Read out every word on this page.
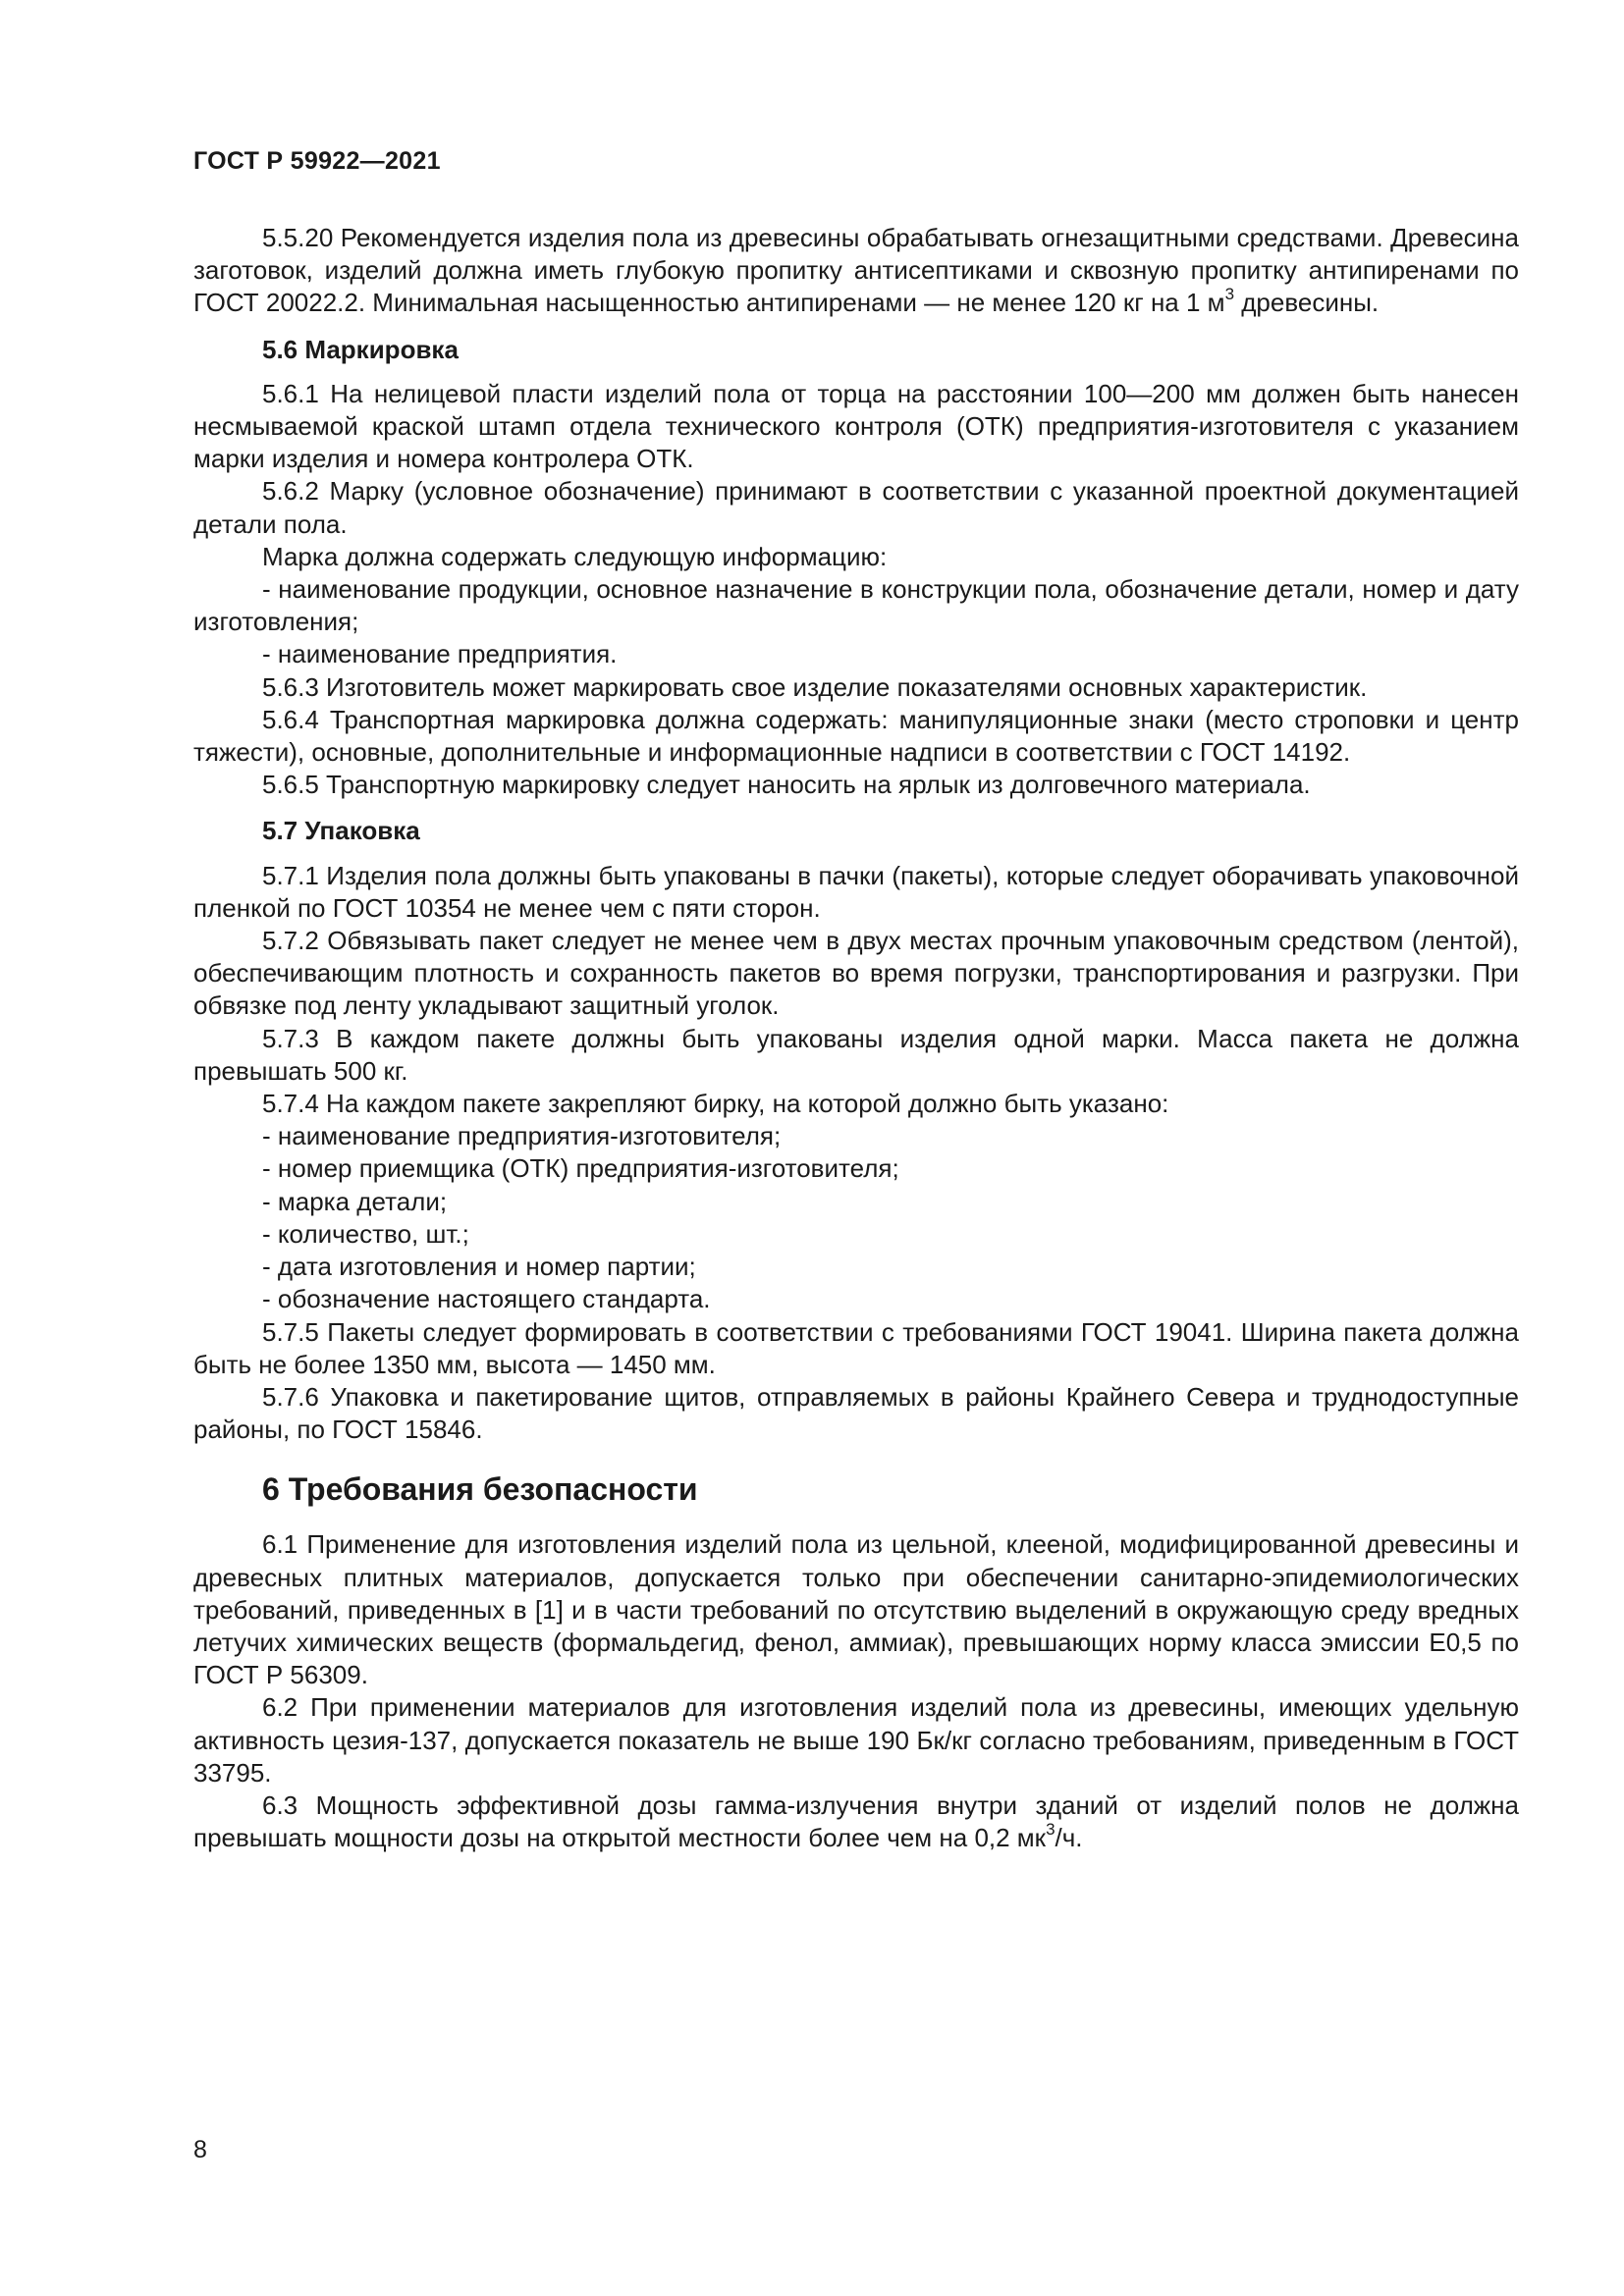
ГОСТ Р 59922—2021

5.5.20 Рекомендуется изделия пола из древесины обрабатывать огнезащитными средствами. Древесина заготовок, изделий должна иметь глубокую пропитку антисептиками и сквозную пропитку антипиренами по ГОСТ 20022.2. Минимальная насыщенностью антипиренами — не менее 120 кг на 1 $м^3$ древесины.

5.6 Маркировка

5.6.1 На нелицевой пласти изделий пола от торца на расстоянии 100—200 мм должен быть нанесен несмываемой краской штамп отдела технического контроля (ОТК) предприятия-изготовителя с указанием марки изделия и номера контролера ОТК.

5.6.2 Марку (условное обозначение) принимают в соответствии с указанной проектной документацией детали пола.

Марка должна содержать следующую информацию:

- наименование продукции, основное назначение в конструкции пола, обозначение детали, номер и дату изготовления;

- наименование предприятия.

5.6.3 Изготовитель может маркировать свое изделие показателями основных характеристик.

5.6.4 Транспортная маркировка должна содержать: манипуляционные знаки (место строповки и центр тяжести), основные, дополнительные и информационные надписи в соответствии с ГОСТ 14192.

5.6.5 Транспортную маркировку следует наносить на ярлык из долговечного материала.

5.7 Упаковка

5.7.1 Изделия пола должны быть упакованы в пачки (пакеты), которые следует оборачивать упаковочной пленкой по ГОСТ 10354 не менее чем с пяти сторон.

5.7.2 Обвязывать пакет следует не менее чем в двух местах прочным упаковочным средством (лентой), обеспечивающим плотность и сохранность пакетов во время погрузки, транспортирования и разгрузки. При обвязке под ленту укладывают защитный уголок.

5.7.3 В каждом пакете должны быть упакованы изделия одной марки. Масса пакета не должна превышать 500 кг.

5.7.4 На каждом пакете закрепляют бирку, на которой должно быть указано:

- наименование предприятия-изготовителя;
- номер приемщика (ОТК) предприятия-изготовителя;
- марка детали;
- количество, шт.;
- дата изготовления и номер партии;
- обозначение настоящего стандарта.

5.7.5 Пакеты следует формировать в соответствии с требованиями ГОСТ 19041. Ширина пакета должна быть не более 1350 мм, высота — 1450 мм.

5.7.6 Упаковка и пакетирование щитов, отправляемых в районы Крайнего Севера и труднодоступные районы, по ГОСТ 15846.

6 Требования безопасности

6.1 Применение для изготовления изделий пола из цельной, клееной, модифицированной древесины и древесных плитных материалов, допускается только при обеспечении санитарно-эпидемиологических требований, приведенных в [1] и в части требований по отсутствию выделений в окружающую среду вредных летучих химических веществ (формальдегид, фенол, аммиак), превышающих норму класса эмиссии Е0,5 по ГОСТ Р 56309.

6.2 При применении материалов для изготовления изделий пола из древесины, имеющих удельную активность цезия-137, допускается показатель не выше 190 Бк/кг согласно требованиям, приведенным в ГОСТ 33795.

6.3 Мощность эффективной дозы гамма-излучения внутри зданий от изделий полов не должна превышать мощности дозы на открытой местности более чем на 0,2 $мк^3/ч$.

8
